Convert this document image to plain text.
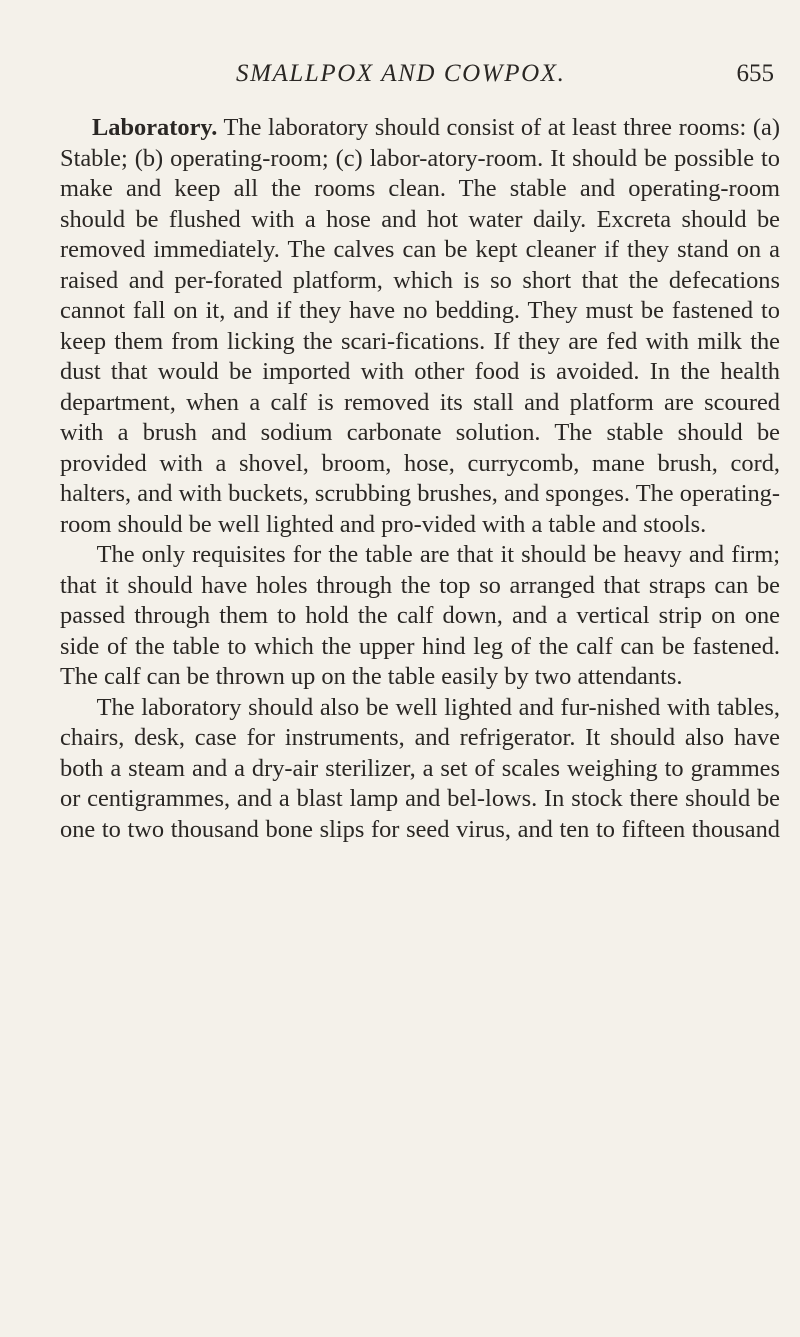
SMALLPOX AND COWPOX.	655

Laboratory. The laboratory should consist of at least three rooms: (a) Stable; (b) operating-room; (c) labor-atory-room. It should be possible to make and keep all the rooms clean. The stable and operating-room should be flushed with a hose and hot water daily. Excreta should be removed immediately. The calves can be kept cleaner if they stand on a raised and per-forated platform, which is so short that the defecations cannot fall on it, and if they have no bedding. They must be fastened to keep them from licking the scari-fications. If they are fed with milk the dust that would be imported with other food is avoided. In the health department, when a calf is removed its stall and platform are scoured with a brush and sodium carbonate solution. The stable should be provided with a shovel, broom, hose, currycomb, mane brush, cord, halters, and with buckets, scrubbing brushes, and sponges. The operating-room should be well lighted and pro-vided with a table and stools.

The only requisites for the table are that it should be heavy and firm; that it should have holes through the top so arranged that straps can be passed through them to hold the calf down, and a vertical strip on one side of the table to which the upper hind leg of the calf can be fastened. The calf can be thrown up on the table easily by two attendants.

The laboratory should also be well lighted and fur-nished with tables, chairs, desk, case for instruments, and refrigerator. It should also have both a steam and a dry-air sterilizer, a set of scales weighing to grammes or centigrammes, and a blast lamp and bel-lows. In stock there should be one to two thousand bone slips for seed virus, and ten to fifteen thousand
